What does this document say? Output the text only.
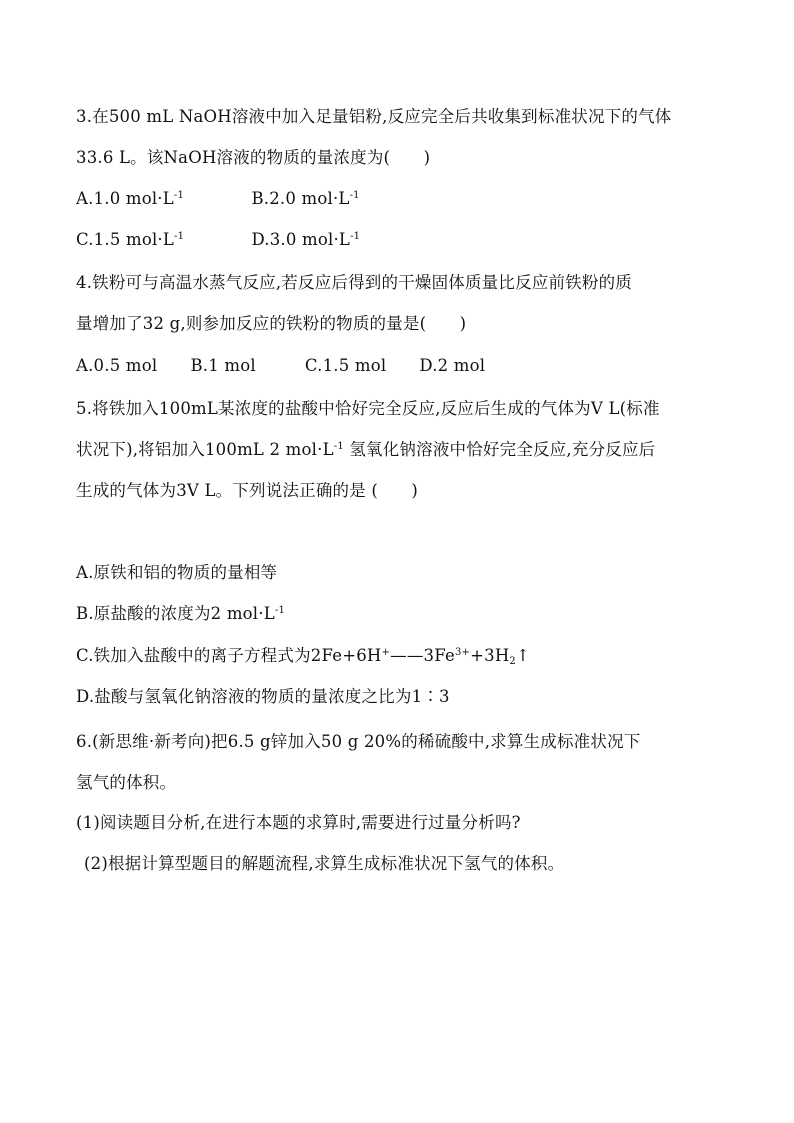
3.在500 mL NaOH溶液中加入足量铝粉,反应完全后共收集到标准状况下的气体
33.6 L。该NaOH溶液的物质的量浓度为(　　)
A.1.0 $mol\cdot L^{-1}$	B.2.0 $mol\cdot L^{-1}$
C.1.5 $mol\cdot L^{-1}$	D.3.0 $mol\cdot L^{-1}$
4.铁粉可与高温水蒸气反应,若反应后得到的干燥固体质量比反应前铁粉的质
量增加了32 g,则参加反应的铁粉的物质的量是(　　)
A.0.5 mol B.1 mol	C.1.5 mol D.2 mol
5.将铁加入100mL某浓度的盐酸中恰好完全反应,反应后生成的气体为V L(标准
状况下),将铝加入100mL 2 $mol\cdot L^{-1}$ 氢氧化钠溶液中恰好完全反应,充分反应后
生成的气体为3V L。下列说法正确的是 (　　)
A.原铁和铝的物质的量相等
B.原盐酸的浓度为2 $mol\cdot L^{-1}$
C.铁加入盐酸中的离子方程式为$2Fe+6H^+——3Fe^{3+}+3H_2↑$
D.盐酸与氢氧化钠溶液的物质的量浓度之比为1∶3
6.(新思维·新考向)把6.5 g锌加入50 g 20%的稀硫酸中,求算生成标准状况下
氢气的体积。
(1)阅读题目分析,在进行本题的求算时,需要进行过量分析吗?
(2)根据计算型题目的解题流程,求算生成标准状况下氢气的体积。
